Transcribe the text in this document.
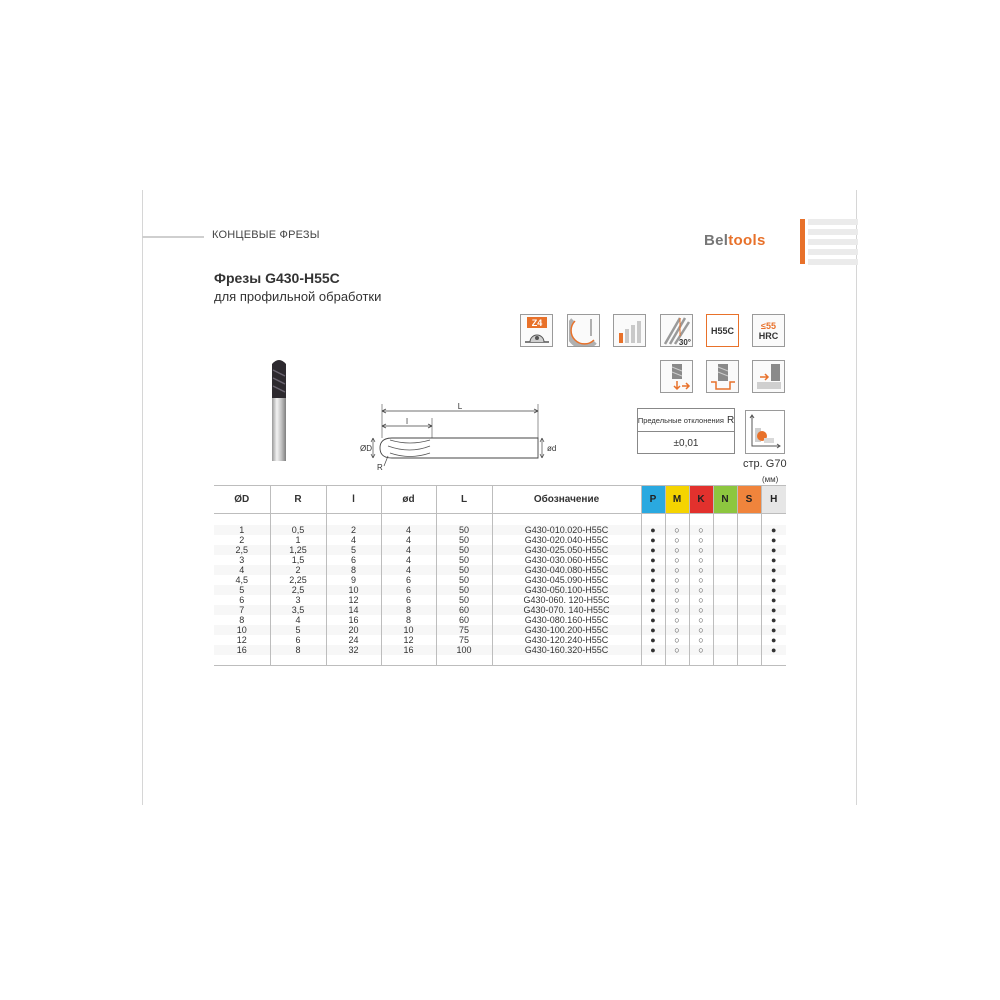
КОНЦЕВЫЕ ФРЕЗЫ	Beltools
Фрезы G430-H55C
для профильной обработки
Z4
30°
H55C	≤55
HRC
L
l
ØD	ød
R
Предельные отклонения R
±0,01
стр. G70
(мм)
ØD	R	l	ød	L	Обозначение	P	M	K	N	S	H

1	0,5	2	4	50	G430-010.020-H55C	●	○	○			●
2	1	4	4	50	G430-020.040-H55C	●	○	○			●
2,5	1,25	5	4	50	G430-025.050-H55C	●	○	○			●
3	1,5	6	4	50	G430-030.060-H55C	●	○	○			●
4	2	8	4	50	G430-040.080-H55C	●	○	○			●
4,5	2,25	9	6	50	G430-045.090-H55C	●	○	○			●
5	2,5	10	6	50	G430-050.100-H55C	●	○	○			●
6	3	12	6	50	G430-060. 120-H55C	●	○	○			●
7	3,5	14	8	60	G430-070. 140-H55C	●	○	○			●
8	4	16	8	60	G430-080.160-H55C	●	○	○			●
10	5	20	10	75	G430-100.200-H55C	●	○	○			●
12	6	24	12	75	G430-120.240-H55C	●	○	○			●
16	8	32	16	100	G430-160.320-H55C	●	○	○			●
